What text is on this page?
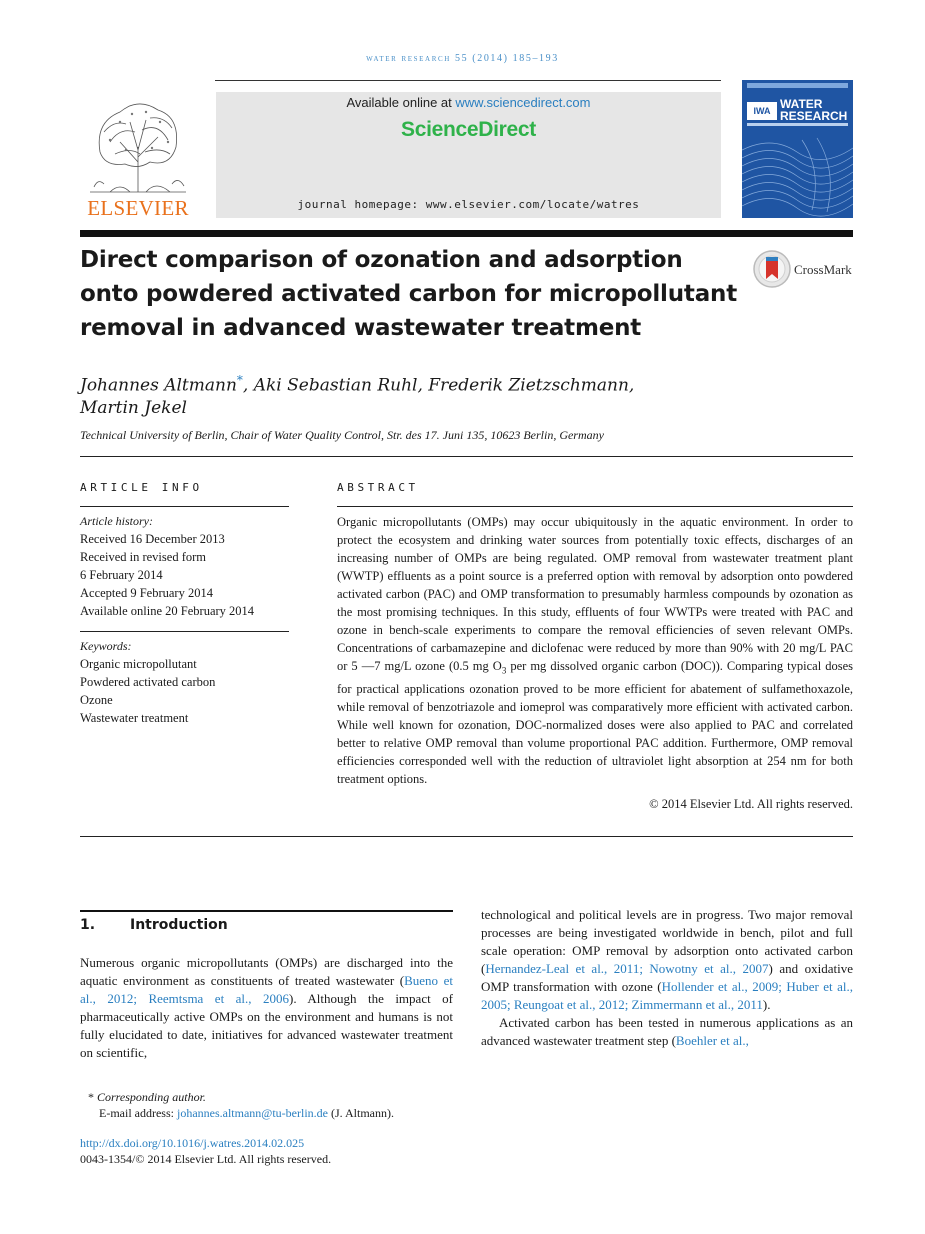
water research 55 (2014) 185–193
ELSEVIER
Available online at www.sciencedirect.com
ScienceDirect
journal homepage: www.elsevier.com/locate/watres
IWA WATER
RESEARCH
Direct comparison of ozonation and adsorption
onto powdered activated carbon for micropollutant
removal in advanced wastewater treatment
CrossMark
Johannes Altmann*, Aki Sebastian Ruhl, Frederik Zietzschmann,
Martin Jekel
Technical University of Berlin, Chair of Water Quality Control, Str. des 17. Juni 135, 10623 Berlin, Germany
ARTICLE INFO
Article history:
Received 16 December 2013
Received in revised form
6 February 2014
Accepted 9 February 2014
Available online 20 February 2014
Keywords:
Organic micropollutant
Powdered activated carbon
Ozone
Wastewater treatment
ABSTRACT
Organic micropollutants (OMPs) may occur ubiquitously in the aquatic environment. In order to protect the ecosystem and drinking water sources from potentially toxic effects, discharges of an increasing number of OMPs are being regulated. OMP removal from wastewater treatment plant (WWTP) effluents as a point source is a preferred option with removal by adsorption onto powdered activated carbon (PAC) and OMP transformation to presumably harmless compounds by ozonation as the most promising techniques. In this study, effluents of four WWTPs were treated with PAC and ozone in bench-scale experiments to compare the removal efficiencies of seven relevant OMPs. Concentrations of carbamazepine and diclofenac were reduced by more than 90% with 20 mg/L PAC or 5 —7 mg/L ozone (0.5 mg $O_3$ per mg dissolved organic carbon (DOC)). Comparing typical doses for practical applications ozonation proved to be more efficient for abatement of sulfamethoxazole, while removal of benzotriazole and iomeprol was comparatively more efficient with activated carbon. While well known for ozonation, DOC-normalized doses were also applied to PAC and correlated better to relative OMP removal than volume proportional PAC addition. Furthermore, OMP removal efficiencies corresponded well with the reduction of ultraviolet light absorption at 254 nm for both treatment options.
© 2014 Elsevier Ltd. All rights reserved.
1. Introduction
Numerous organic micropollutants (OMPs) are discharged into the aquatic environment as constituents of treated wastewater (Bueno et al., 2012; Reemtsma et al., 2006). Although the impact of pharmaceutically active OMPs on the environment and humans is not fully elucidated to date, initiatives for advanced wastewater treatment on scientific,

technological and political levels are in progress. Two major removal processes are being investigated worldwide in bench, pilot and full scale operation: OMP removal by adsorption onto activated carbon (Hernandez-Leal et al., 2011; Nowotny et al., 2007) and oxidative OMP transformation with ozone (Hollender et al., 2009; Huber et al., 2005; Reungoat et al., 2012; Zimmermann et al., 2011).

Activated carbon has been tested in numerous applications as an advanced wastewater treatment step (Boehler et al.,

* Corresponding author.
E-mail address: johannes.altmann@tu-berlin.de (J. Altmann).
http://dx.doi.org/10.1016/j.watres.2014.02.025
0043-1354/© 2014 Elsevier Ltd. All rights reserved.
